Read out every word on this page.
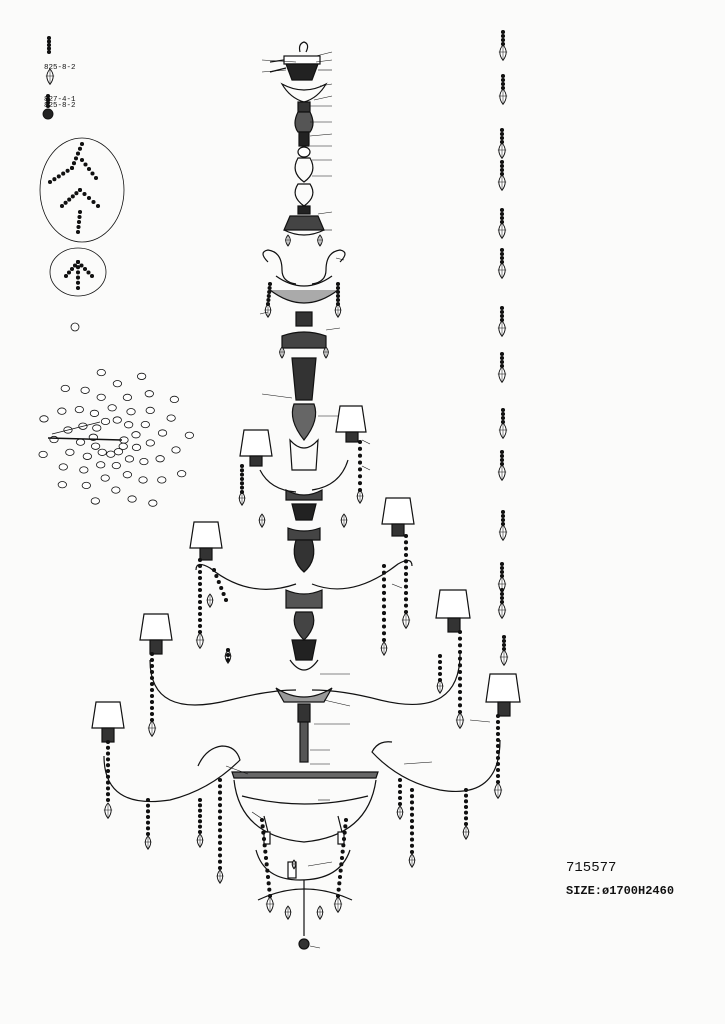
825-8-2
827-4-1
825-8-2
715577
SIZE:ø1700H2460
